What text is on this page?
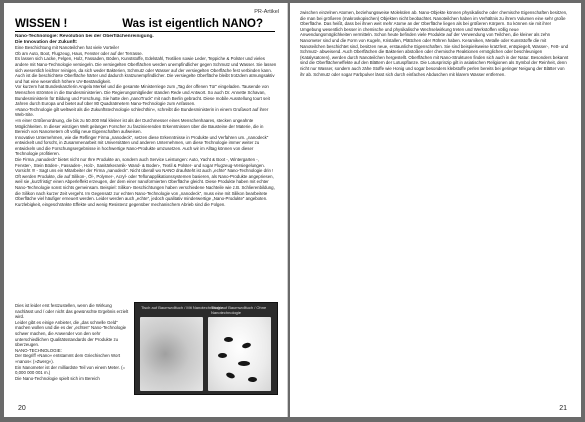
PR-Artikel
WISSEN !	Was ist eigentlich NANO?

Nano-Technologie: Revolution bei der Oberflächenreinigung.

Die Innovation der Zukunft:

Eine Beschichtung mit Nanoteilchen hat viele Vorteile!

Ob am Auto, Boot, Flugzeug, Haus, Fenster oder auf der Terrasse.

Es lassen sich Lacke, Felgen, Holz, Fassaden, Böden, Kunststoffe, Edelstahl, Textilien sowie Leder, Teppiche & Polster und vieles andere mit Nano-Technologie versiegeln. Die versiegelten Oberflächen werden unempfindlicher gegen Schmutz und Wasser. Sie lassen sich wesentlich leichter reinigen, da sich weder Bakterien, Schmutz oder Wasser auf der versiegelten Oberfläche fest verbinden kann. Auch ist die beschichtete Oberfläche härter und dadurch kratzunempfindlicher. Die versiegelte Oberfläche bleibt trotzdem atmungsaktiv und hat eine wesentlich höhere UV-Beständigkeit.

Vor kurzem hat Bundeskanzlerin Angela Merkel und die gesamte Ministerriege zum „Tag der offenen Tür“ eingeladen. Tausende von Menschen strömten in die Bundesministerien. Die Regierungsmitglieder standen Rede und Antwort. So auch Dr. Annette Schavan, Bundesministerin für Bildung und Forschung. Sie hatte den „nanoTruck“ mit nach Berlin gebracht. Diese mobile Ausstellung tourt seit Jahren durch Europa und bietet auf über 80 Quadratmetern Nano-Technologie zum Anfassen.

»Nano-Technologie gilt weltweit als die Zukunftstechnologie schlechthin«, schreibt die Bundesministerin in einem Grußwort auf ihrer Web-Site.

»In einer Größenordnung, die bis zu 50.000 Mal kleiner ist als der Durchmesser eines Menschenhaares, stecken ungeahnte Möglichkeiten. In dieser winzigen Welt gelangen Forscher zu faszinierenden Erkenntnissen über die Bausteine der Materie, die in Bereich von Nanometern oft völlig neue Eigenschaften aufweisen.

Innovative Unternehmen, wie die Reflinger Firma „nanodeck“, setzen diese Erkenntnisse in Produkte und Verfahren um. „nanodeck“ entwickelt und forscht, in Zusammenarbeit mit Universitäten und anderen Unternehmen, um diese Technologie immer weiter zu entwickeln und die Forschungsergebnisse in hochwertige Nano-Produkte umzusetzen. Auch wir im Alltag können von dieser Technologie profitieren.

Die Firma „nanodeck“ bietet nicht nur Ihre Produkte an, sondern auch Service Leistungen: Auto, Yacht & Boot -, Wintergarten -, Fenster-, Stein Böden-, Fassaden-, Holz-, Sanitärkeramik- Wand- & Boden-, Textil & Polster- und sogar Flugzeug-Versiegelungen.

Vorsicht !!! - Sagt uns ein Mitarbeiter der Firma „nanodeck“. Nicht überall wo NANO draufsteht ist auch „echte“ Nano-Technologie drin !

Oft werden Produkte, die auf Silikon-, Öl-, Polymer-, Acryl- oder Teflonapplikationssystemen basieren, als Nano-Produkte angepriesen, weil sie „kurzfristig“ einen Abperleffekt erzeugen, der dem einer nanoformierten Oberfläche gleicht. Diese Produkte haben mit echter Nano-Technologie sonst nichts gemeinsam. Beispiel: Silikon- Beschichtungen haben verschiedene Nachteile wie z.B. Schlierenbildung, die Silikon nach kurzer Zeit vergeht. Im Gegensatz zur echten Nano-Technologie von „nanodeck“, muss eine mit Silikon bearbeitete Oberfläche viel häufiger erneuert werden. Leider werden auch „echte“, jedoch qualitativ minderwertige „Nano-Produkte“ angeboten. Kurzlebigkeit, eingeschränkte Effekte und wenig Resistenz gegenüber mechanischem Abrieb sind die Folgen.

Dies ist leider erst festzustellen, wenn die Wirkung nachlässt und / oder nicht das gewünschte Ergebnis erzielt wird.

Leider gibt es einige Anbieter, die „das schnelle Geld“ machen wollen und die es der „echten“ Nano-Technologie schwer machen, die Anwender von den sehr unterschiedlichen Qualitätsstandards der Produkte zu überzeugen.

NANO-TECHNOLOGIE:

Der Begriff »Nano« entstammt dem Griechischen Wort »nanos« (»Zwerg«).

Ein Nanometer ist der milliardste Teil von einem Meter. (= 0,000 000 001 m.)

Die Nano-Technologie spielt sich im Bereich

Tisch auf Baumwolltuch / Mit Nanotechnologie
Tisch auf Baumwolltuch / Ohne Nanotechnologie
20

zwischen einzelnen Atomen, beziehungsweise Molekülen ab. Nano-Objekte können physikalische oder chemische Eigenschaften besitzen, die man bei größeren (makroskopischen) Objekten nicht beobachtet. Nanoteilchen haben im Verhältnis zu ihrem Volumen eine sehr große Oberfläche. Das heißt, dass bei ihnen weit mehr Atome an der Oberfläche liegen als bei größeren Körpern. So können sie mit ihrer Umgebung wesentlich besser in chemische und physikalische Wechselwirkung treten und Werkstoffen völlig neue Anwendungsmöglichkeiten vermitteln. Schon heute befinden viele Produkte auf der Verwendung von Teilchen, die kleiner als zehn Nanometer sind und die Form von Kugeln, Kristallen, Plättchen oder Röhren haben. Keramiken, Metalle oder Kunststoffe die mit Nanoteilchen beschichtet sind, besitzen neue, erstaunliche Eigenschaften. Sie sind beispielsweise kratzfest, entspiegelt, Wasser-, Fett- und Schmutz- abweisend. Auch Oberflächen die Bakterien abstoßen oder chemische Reaktionen ermöglichen oder beschleunigen (Katalysatoren), werden durch Nanoteilchen hergestellt. Oberflächen mit Nano-Strukturen finden sich auch in der Natur. Besonders bekannt sind die Oberflächeneffekte auf den Blättern der Lotuspflanze. Die Lotusprinzip gilt in asiatischen Religionen als Symbol der Reinheit, denn nicht nur Wasser, sondern auch zähe Stoffe wie Honig und sogar besonders klebstoffe perlen bereits bei geringer Neigung der Blätter von ihr ab. Schmutz oder sogar Farbpulver lässt sich durch einfaches Abduschen mit klarem Wasser entfernen.

21
